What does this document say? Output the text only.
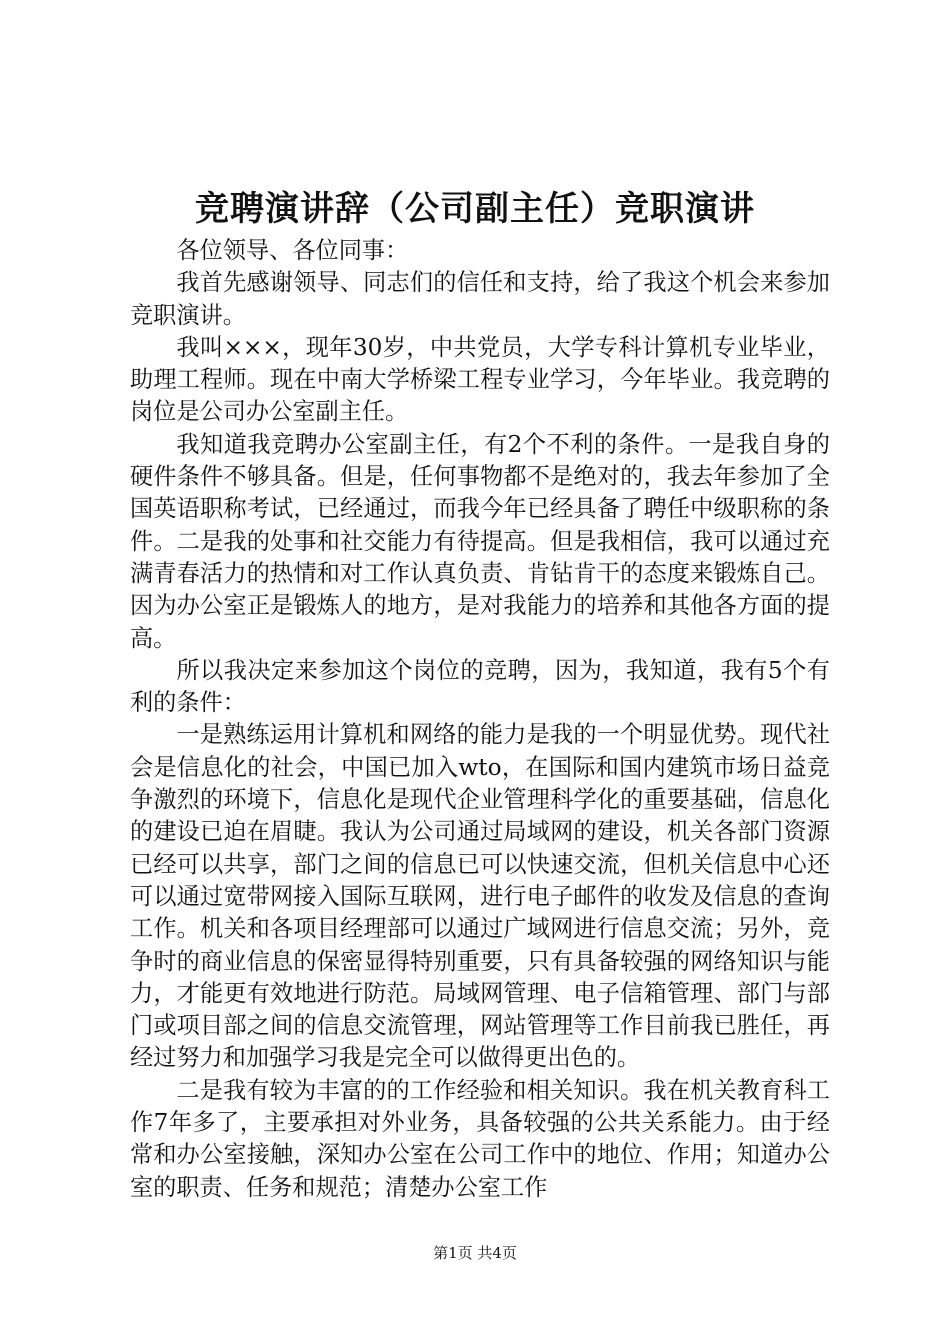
竞聘演讲辞（公司副主任）竞职演讲

各位领导、各位同事：

我首先感谢领导、同志们的信任和支持，给了我这个机会来参加竞职演讲。

我叫×××，现年30岁，中共党员，大学专科计算机专业毕业，助理工程师。现在中南大学桥梁工程专业学习，今年毕业。我竞聘的岗位是公司办公室副主任。

我知道我竞聘办公室副主任，有2个不利的条件。一是我自身的硬件条件不够具备。但是，任何事物都不是绝对的，我去年参加了全国英语职称考试，已经通过，而我今年已经具备了聘任中级职称的条件。二是我的处事和社交能力有待提高。但是我相信，我可以通过充满青春活力的热情和对工作认真负责、肯钻肯干的态度来锻炼自己。因为办公室正是锻炼人的地方，是对我能力的培养和其他各方面的提高。

所以我决定来参加这个岗位的竞聘，因为，我知道，我有5个有利的条件：

一是熟练运用计算机和网络的能力是我的一个明显优势。现代社会是信息化的社会，中国已加入wto，在国际和国内建筑市场日益竞争激烈的环境下，信息化是现代企业管理科学化的重要基础，信息化的建设已迫在眉睫。我认为公司通过局域网的建设，机关各部门资源已经可以共享，部门之间的信息已可以快速交流，但机关信息中心还可以通过宽带网接入国际互联网，进行电子邮件的收发及信息的查询工作。机关和各项目经理部可以通过广域网进行信息交流；另外，竞争时的商业信息的保密显得特别重要，只有具备较强的网络知识与能力，才能更有效地进行防范。局域网管理、电子信箱管理、部门与部门或项目部之间的信息交流管理，网站管理等工作目前我已胜任，再经过努力和加强学习我是完全可以做得更出色的。

二是我有较为丰富的的工作经验和相关知识。我在机关教育科工作7年多了，主要承担对外业务，具备较强的公共关系能力。由于经常和办公室接触，深知办公室在公司工作中的地位、作用；知道办公室的职责、任务和规范；清楚办公室工作

第1页 共4页
